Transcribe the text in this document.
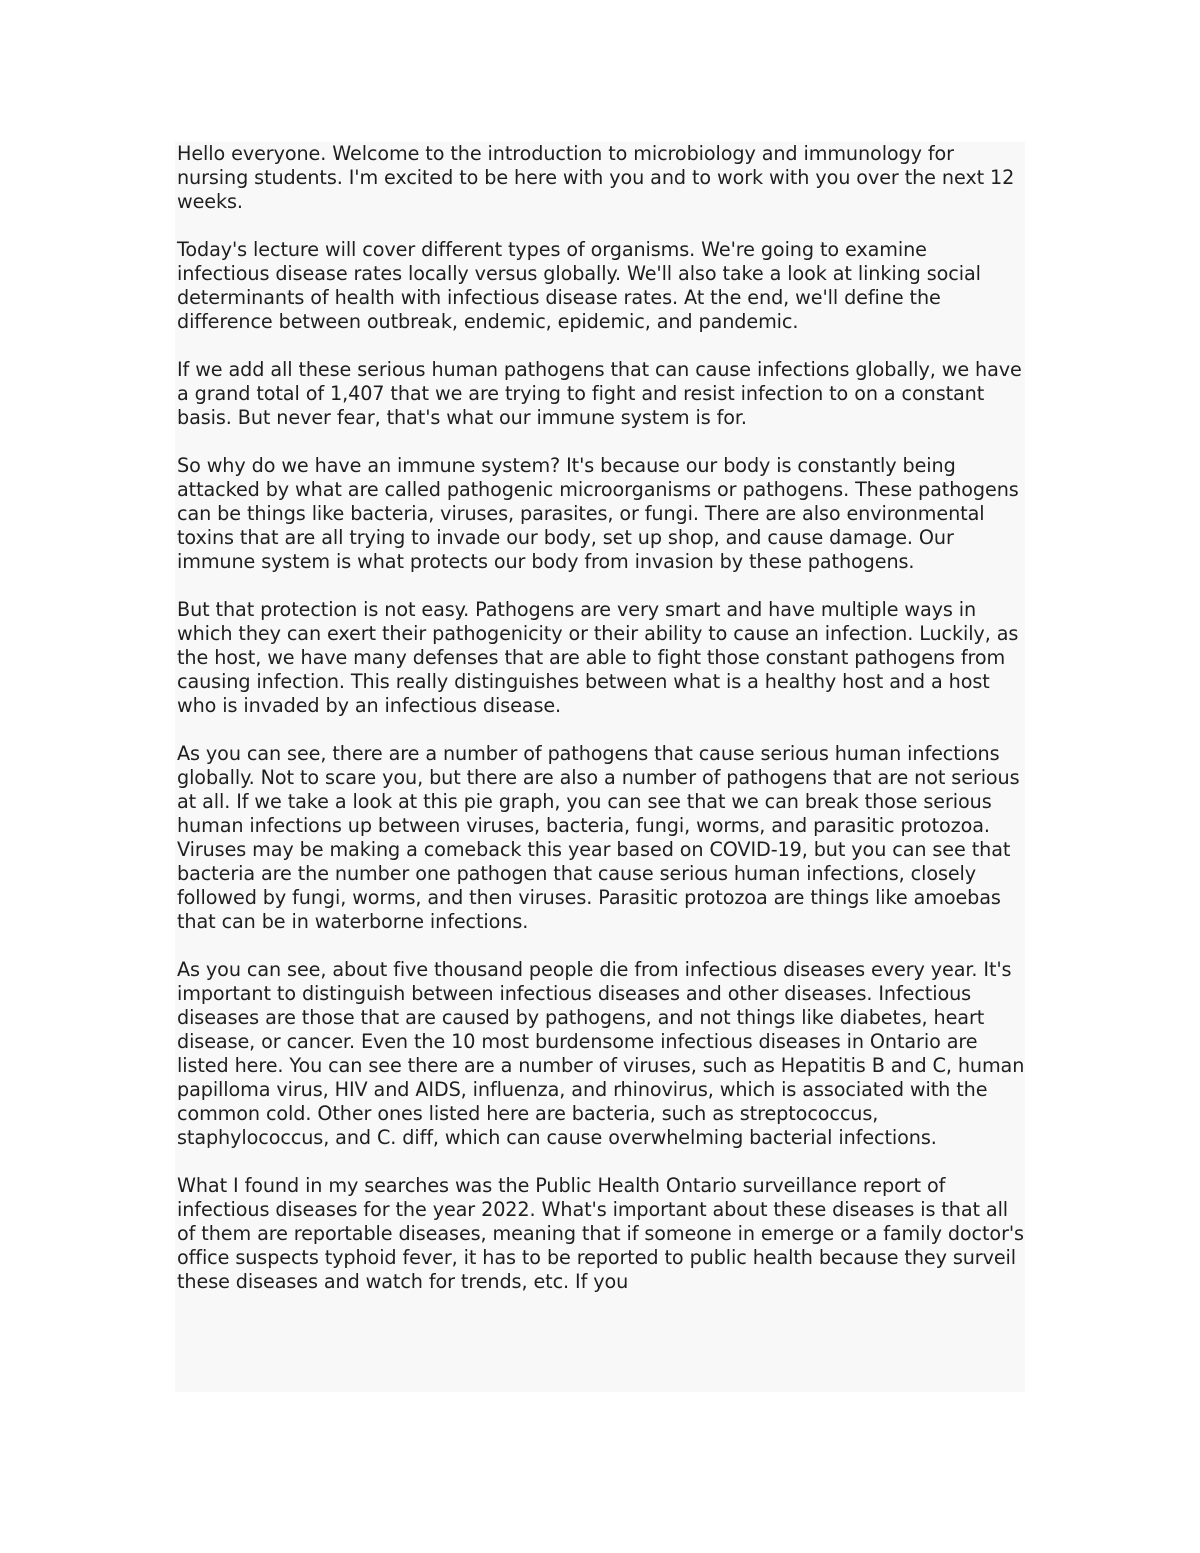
Hello everyone. Welcome to the introduction to microbiology and immunology for nursing students. I'm excited to be here with you and to work with you over the next 12 weeks.

Today's lecture will cover different types of organisms. We're going to examine infectious disease rates locally versus globally. We'll also take a look at linking social determinants of health with infectious disease rates. At the end, we'll define the difference between outbreak, endemic, epidemic, and pandemic.

If we add all these serious human pathogens that can cause infections globally, we have a grand total of 1,407 that we are trying to fight and resist infection to on a constant basis. But never fear, that's what our immune system is for.

So why do we have an immune system? It's because our body is constantly being attacked by what are called pathogenic microorganisms or pathogens. These pathogens can be things like bacteria, viruses, parasites, or fungi. There are also environmental toxins that are all trying to invade our body, set up shop, and cause damage. Our immune system is what protects our body from invasion by these pathogens.

But that protection is not easy. Pathogens are very smart and have multiple ways in which they can exert their pathogenicity or their ability to cause an infection. Luckily, as the host, we have many defenses that are able to fight those constant pathogens from causing infection. This really distinguishes between what is a healthy host and a host who is invaded by an infectious disease.

As you can see, there are a number of pathogens that cause serious human infections globally. Not to scare you, but there are also a number of pathogens that are not serious at all. If we take a look at this pie graph, you can see that we can break those serious human infections up between viruses, bacteria, fungi, worms, and parasitic protozoa. Viruses may be making a comeback this year based on COVID-19, but you can see that bacteria are the number one pathogen that cause serious human infections, closely followed by fungi, worms, and then viruses. Parasitic protozoa are things like amoebas that can be in waterborne infections.

As you can see, about five thousand people die from infectious diseases every year. It's important to distinguish between infectious diseases and other diseases. Infectious diseases are those that are caused by pathogens, and not things like diabetes, heart disease, or cancer. Even the 10 most burdensome infectious diseases in Ontario are listed here. You can see there are a number of viruses, such as Hepatitis B and C, human papilloma virus, HIV and AIDS, influenza, and rhinovirus, which is associated with the common cold. Other ones listed here are bacteria, such as streptococcus, staphylococcus, and C. diff, which can cause overwhelming bacterial infections.

What I found in my searches was the Public Health Ontario surveillance report of infectious diseases for the year 2022. What's important about these diseases is that all of them are reportable diseases, meaning that if someone in emerge or a family doctor's office suspects typhoid fever, it has to be reported to public health because they surveil these diseases and watch for trends, etc. If you
